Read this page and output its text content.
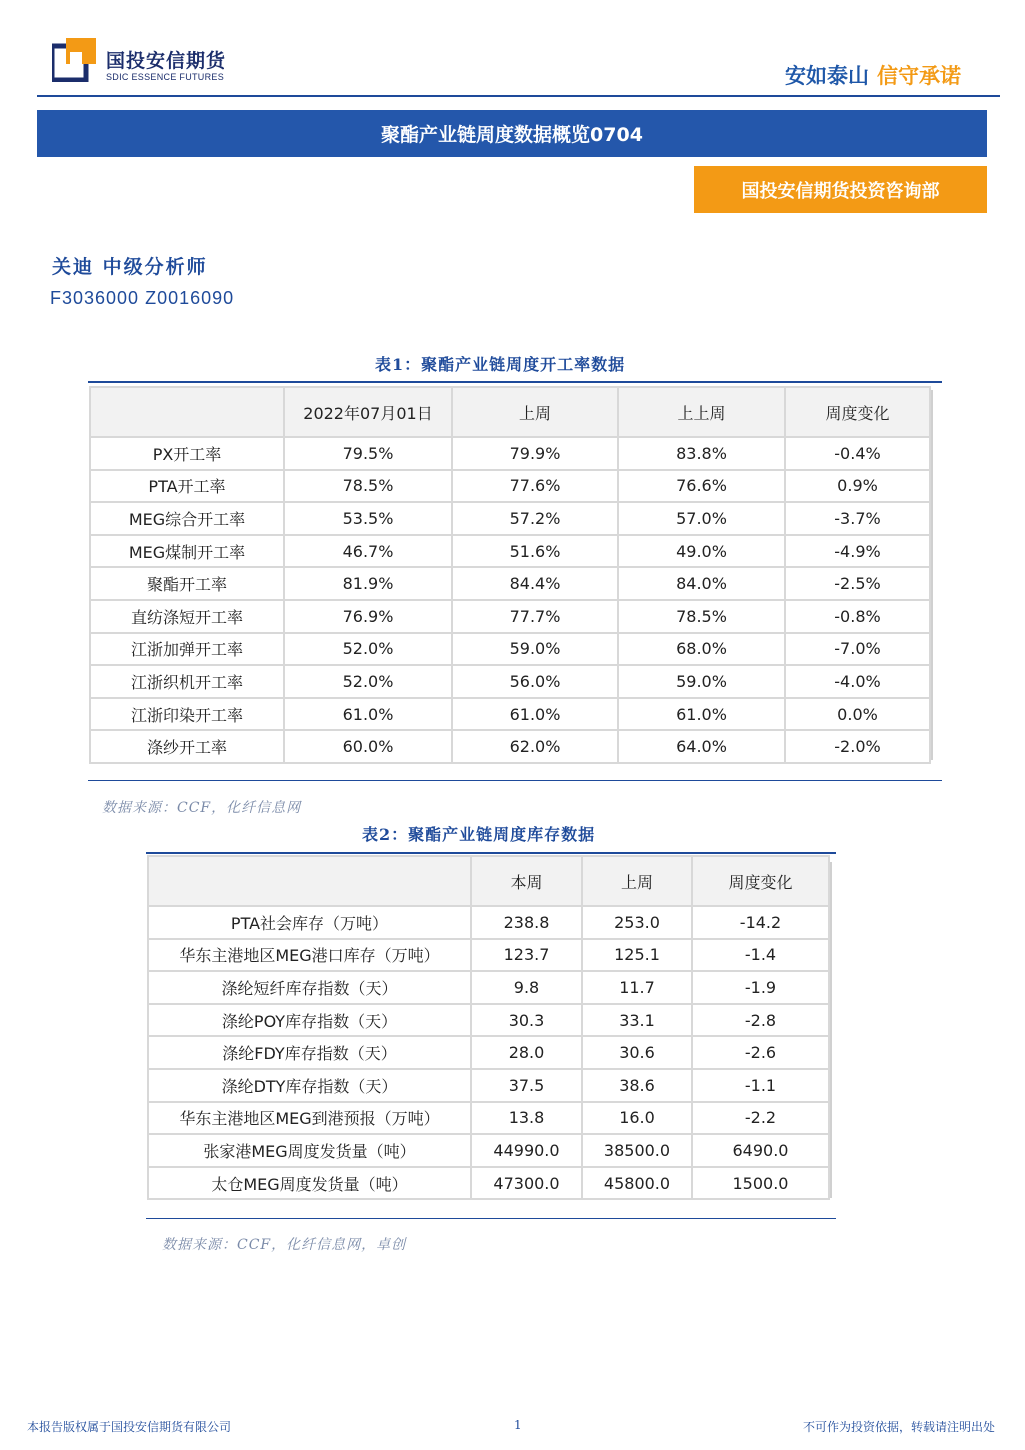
国投安信期货
SDIC ESSENCE FUTURES	安如泰山 信守承诺
聚酯产业链周度数据概览0704
国投安信期货投资咨询部
关迪 中级分析师
F3036000 Z0016090
表1：聚酯产业链周度开工率数据
	2022年07月01日	上周	上上周	周度变化
PX开工率	79.5%	79.9%	83.8%	-0.4%
PTA开工率	78.5%	77.6%	76.6%	0.9%
MEG综合开工率	53.5%	57.2%	57.0%	-3.7%
MEG煤制开工率	46.7%	51.6%	49.0%	-4.9%
聚酯开工率	81.9%	84.4%	84.0%	-2.5%
直纺涤短开工率	76.9%	77.7%	78.5%	-0.8%
江浙加弹开工率	52.0%	59.0%	68.0%	-7.0%
江浙织机开工率	52.0%	56.0%	59.0%	-4.0%
江浙印染开工率	61.0%	61.0%	61.0%	0.0%
涤纱开工率	60.0%	62.0%	64.0%	-2.0%
数据来源：CCF，化纤信息网
表2：聚酯产业链周度库存数据
	本周	上周	周度变化
PTA社会库存（万吨）	238.8	253.0	-14.2
华东主港地区MEG港口库存（万吨）	123.7	125.1	-1.4
涤纶短纤库存指数（天）	9.8	11.7	-1.9
涤纶POY库存指数（天）	30.3	33.1	-2.8
涤纶FDY库存指数（天）	28.0	30.6	-2.6
涤纶DTY库存指数（天）	37.5	38.6	-1.1
华东主港地区MEG到港预报（万吨）	13.8	16.0	-2.2
张家港MEG周度发货量（吨）	44990.0	38500.0	6490.0
太仓MEG周度发货量（吨）	47300.0	45800.0	1500.0
数据来源：CCF，化纤信息网，卓创
本报告版权属于国投安信期货有限公司	1	不可作为投资依据，转载请注明出处
